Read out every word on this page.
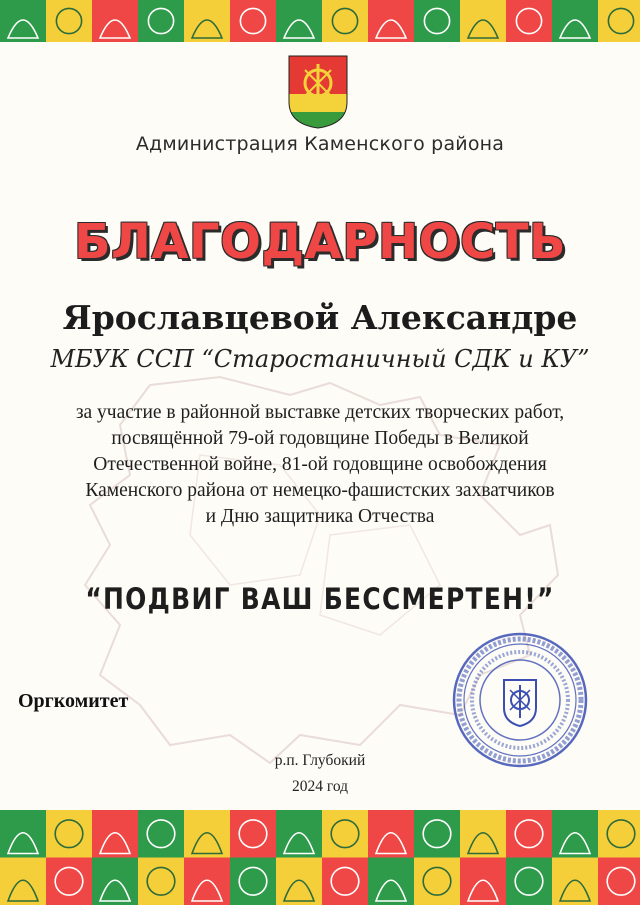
Администрация Каменского района
БЛАГОДАРНОСТЬ
Ярославцевой Александре
МБУК ССП “Староcтаничный СДК и КУ”
за участие в районной выставке детских творческих работ,
посвящённой 79-ой годовщине Победы в Великой
Отечественной войне, 81-ой годовщине освобождения
Каменского района от немецко-фашистских захватчиков
и Дню защитника Отчества
“ПОДВИГ ВАШ БЕССМЕРТЕН!”
Оргкомитет
р.п. Глубокий
2024 год
